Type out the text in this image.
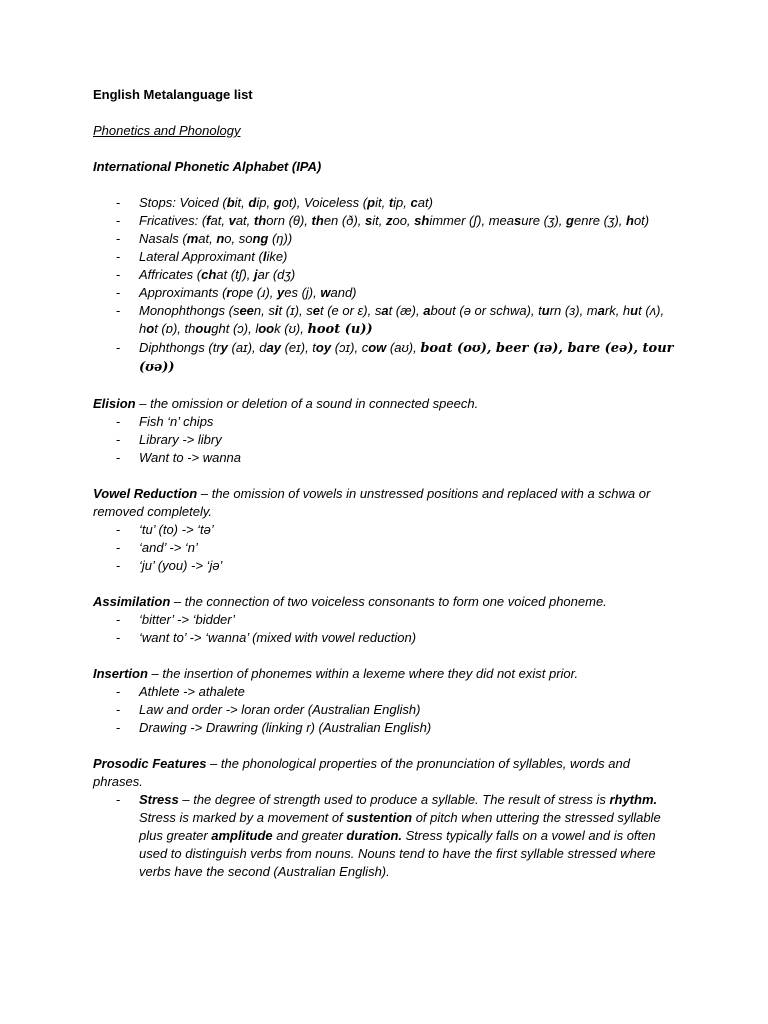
English Metalanguage list

Phonetics and Phonology

International Phonetic Alphabet (IPA)

- Stops: Voiced (bit, dip, got), Voiceless (pit, tip, cat)
- Fricatives: (fat, vat, thorn (θ), then (ð), sit, zoo, shimmer (ʃ), measure (ʒ), genre (ʒ), hot)
- Nasals (mat, no, song (ŋ))
- Lateral Approximant (like)
- Affricates (chat (tʃ), jar (dʒ)
- Approximants (rope (ɹ), yes (j), wand)
- Monophthongs (seen, sit (ɪ), set (e or ɛ), sat (æ), about (ə or schwa), turn (ɜ), mark, hut (ʌ), hot (ɒ), thought (ɔ), look (ʊ), hoot (u))
- Diphthongs (try (aɪ), day (eɪ), toy (ɔɪ), cow (aʊ), boat (oʊ), beer (ɪə), bare (eə), tour (ʊə))

Elision – the omission or deletion of a sound in connected speech.

- Fish ‘n’ chips
- Library -> libry
- Want to -> wanna

Vowel Reduction – the omission of vowels in unstressed positions and replaced with a schwa or removed completely.

- ‘tu’ (to) -> ‘tə’
- ‘and’ -> ‘n’
- ‘ju’ (you) -> ‘jə’

Assimilation – the connection of two voiceless consonants to form one voiced phoneme.

- ‘bitter’ -> ‘bidder’
- ‘want to’ -> ‘wanna’ (mixed with vowel reduction)

Insertion – the insertion of phonemes within a lexeme where they did not exist prior.

- Athlete -> athalete
- Law and order -> loran order (Australian English)
- Drawing -> Drawring (linking r) (Australian English)

Prosodic Features – the phonological properties of the pronunciation of syllables, words and phrases.

- Stress – the degree of strength used to produce a syllable. The result of stress is rhythm. Stress is marked by a movement of sustention of pitch when uttering the stressed syllable plus greater amplitude and greater duration. Stress typically falls on a vowel and is often used to distinguish verbs from nouns. Nouns tend to have the first syllable stressed where verbs have the second (Australian English).
